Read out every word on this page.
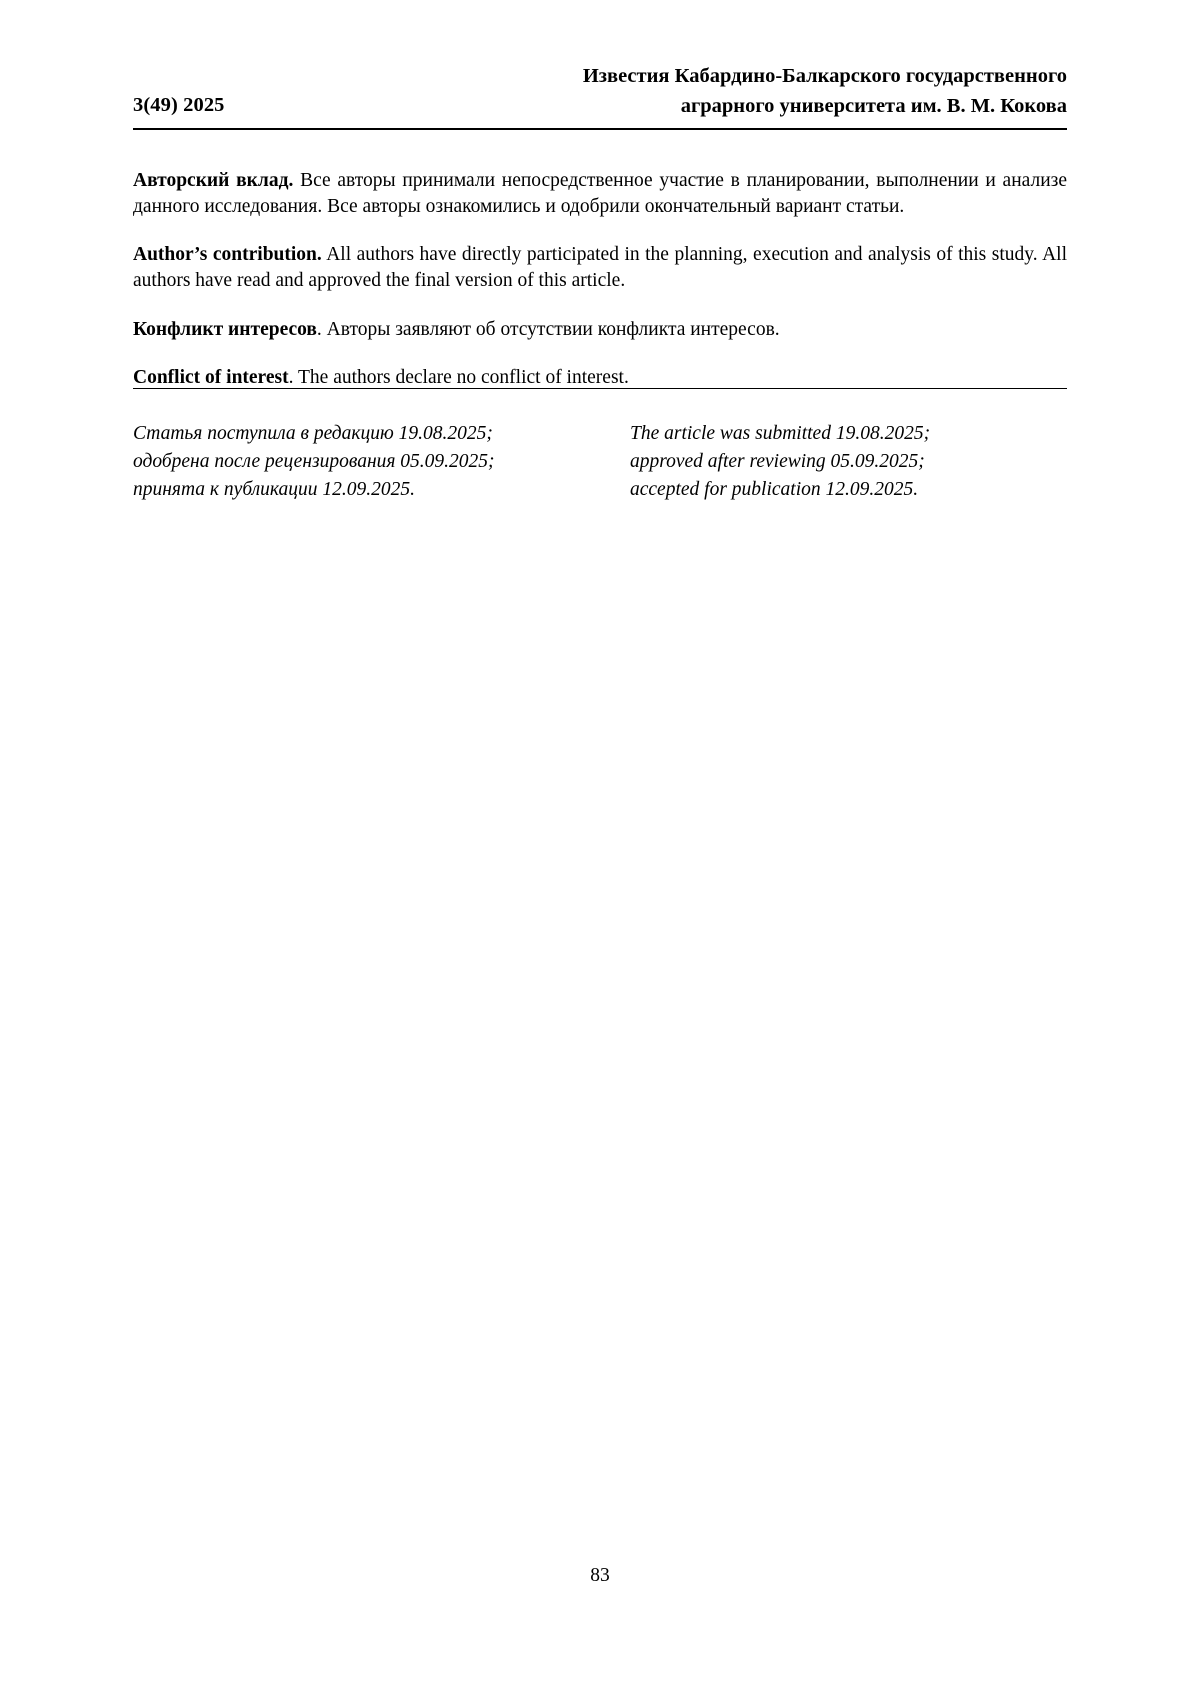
3(49) 2025
Известия Кабардино-Балкарского государственного
аграрного университета им. В. М. Кокова

Авторский вклад. Все авторы принимали непосредственное участие в планировании, выполнении и анализе данного исследования. Все авторы ознакомились и одобрили окончательный вариант статьи.

Author’s contribution. All authors have directly participated in the planning, execution and analysis of this study. All authors have read and approved the final version of this article.

Конфликт интересов. Авторы заявляют об отсутствии конфликта интересов.

Conflict of interest. The authors declare no conflict of interest.

Статья поступила в редакцию 19.08.2025;
одобрена после рецензирования 05.09.2025;
принята к публикации 12.09.2025.
The article was submitted 19.08.2025;
approved after reviewing 05.09.2025;
accepted for publication 12.09.2025.
83
